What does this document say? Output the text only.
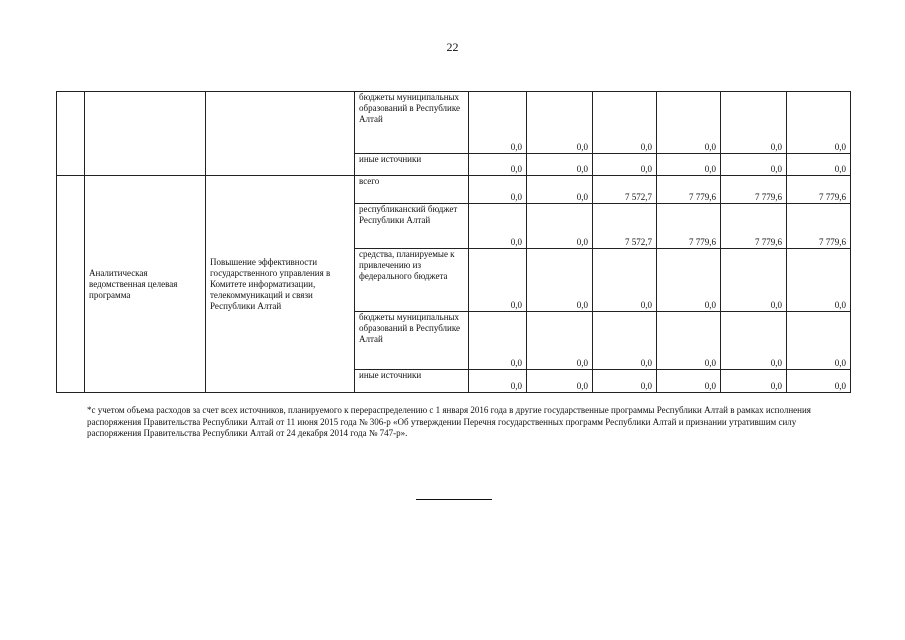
22
			бюджеты муниципальных образований в Республике Алтай	0,0	0,0	0,0	0,0	0,0	0,0
			иные источники	0,0	0,0	0,0	0,0	0,0	0,0
	Аналитическая ведомственная целевая программа	Повышение эффективности государственного управления в Комитете информатизации, телекоммуникаций и связи Республики Алтай	всего	0,0	0,0	7 572,7	7 779,6	7 779,6	7 779,6
			республиканский бюджет Республики Алтай	0,0	0,0	7 572,7	7 779,6	7 779,6	7 779,6
			средства, планируемые к привлечению из федерального бюджета	0,0	0,0	0,0	0,0	0,0	0,0
			бюджеты муниципальных образований в Республике Алтай	0,0	0,0	0,0	0,0	0,0	0,0
			иные источники	0,0	0,0	0,0	0,0	0,0	0,0
*с учетом объема расходов за счет всех источников, планируемого к перераспределению с 1 января 2016 года в другие государственные программы Республики Алтай в рамках исполнения распоряжения Правительства Республики Алтай от 11 июня 2015 года № 306-р «Об утверждении Перечня государственных программ Республики Алтай и признании утратившим силу распоряжения Правительства Республики Алтай от 24 декабря 2014 года № 747-р».
